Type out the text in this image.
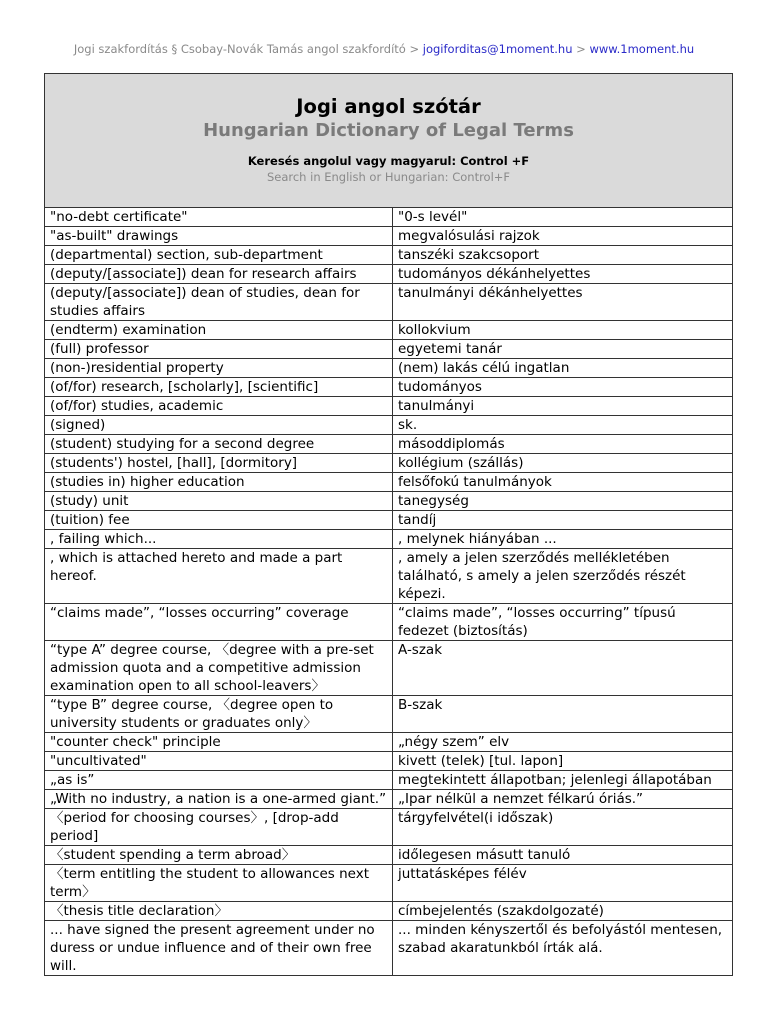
Jogi szakfordítás § Csobay-Novák Tamás angol szakfordító > jogiforditas@1moment.hu > www.1moment.hu
Jogi angol szótár
Hungarian Dictionary of Legal Terms
Keresés angolul vagy magyarul: Control +F
Search in English or Hungarian: Control+F
"no-debt certificate"	"0-s levél"
"as-built" drawings	megvalósulási rajzok
(departmental) section, sub-department	tanszéki szakcsoport
(deputy/[associate]) dean for research affairs	tudományos dékánhelyettes
(deputy/[associate]) dean of studies, dean for studies affairs	tanulmányi dékánhelyettes
(endterm) examination	kollokvium
(full) professor	egyetemi tanár
(non-)residential property	(nem) lakás célú ingatlan
(of/for) research, [scholarly], [scientific]	tudományos
(of/for) studies, academic	tanulmányi
(signed)	sk.
(student) studying for a second degree	másoddiplomás
(students') hostel, [hall], [dormitory]	kollégium (szállás)
(studies in) higher education	felsőfokú tanulmányok
(study) unit	tanegység
(tuition) fee	tandíj
, failing which...	, melynek hiányában ...
, which is attached hereto and made a part hereof.	, amely a jelen szerződés mellékletében található, s amely a jelen szerződés részét képezi.
“claims made”, “losses occurring” coverage	“claims made”, “losses occurring” típusú fedezet (biztosítás)
“type A” degree course, 〈degree with a pre-set admission quota and a competitive admission examination open to all school-leavers〉	A-szak
“type B” degree course, 〈degree open to university students or graduates only〉	B-szak
"counter check" principle	„négy szem” elv
"uncultivated"	kivett (telek) [tul. lapon]
„as is”	megtekintett állapotban; jelenlegi állapotában
„With no industry, a nation is a one-armed giant.”	„Ipar nélkül a nemzet félkarú óriás.”
〈period for choosing courses〉, [drop-add period]	tárgyfelvétel(i időszak)
〈student spending a term abroad〉	időlegesen másutt tanuló
〈term entitling the student to allowances next term〉	juttatásképes félév
〈thesis title declaration〉	címbejelentés (szakdolgozaté)
... have signed the present agreement under no duress or undue influence and of their own free will.	... minden kényszertől és befolyástól mentesen, szabad akaratunkból írták alá.
